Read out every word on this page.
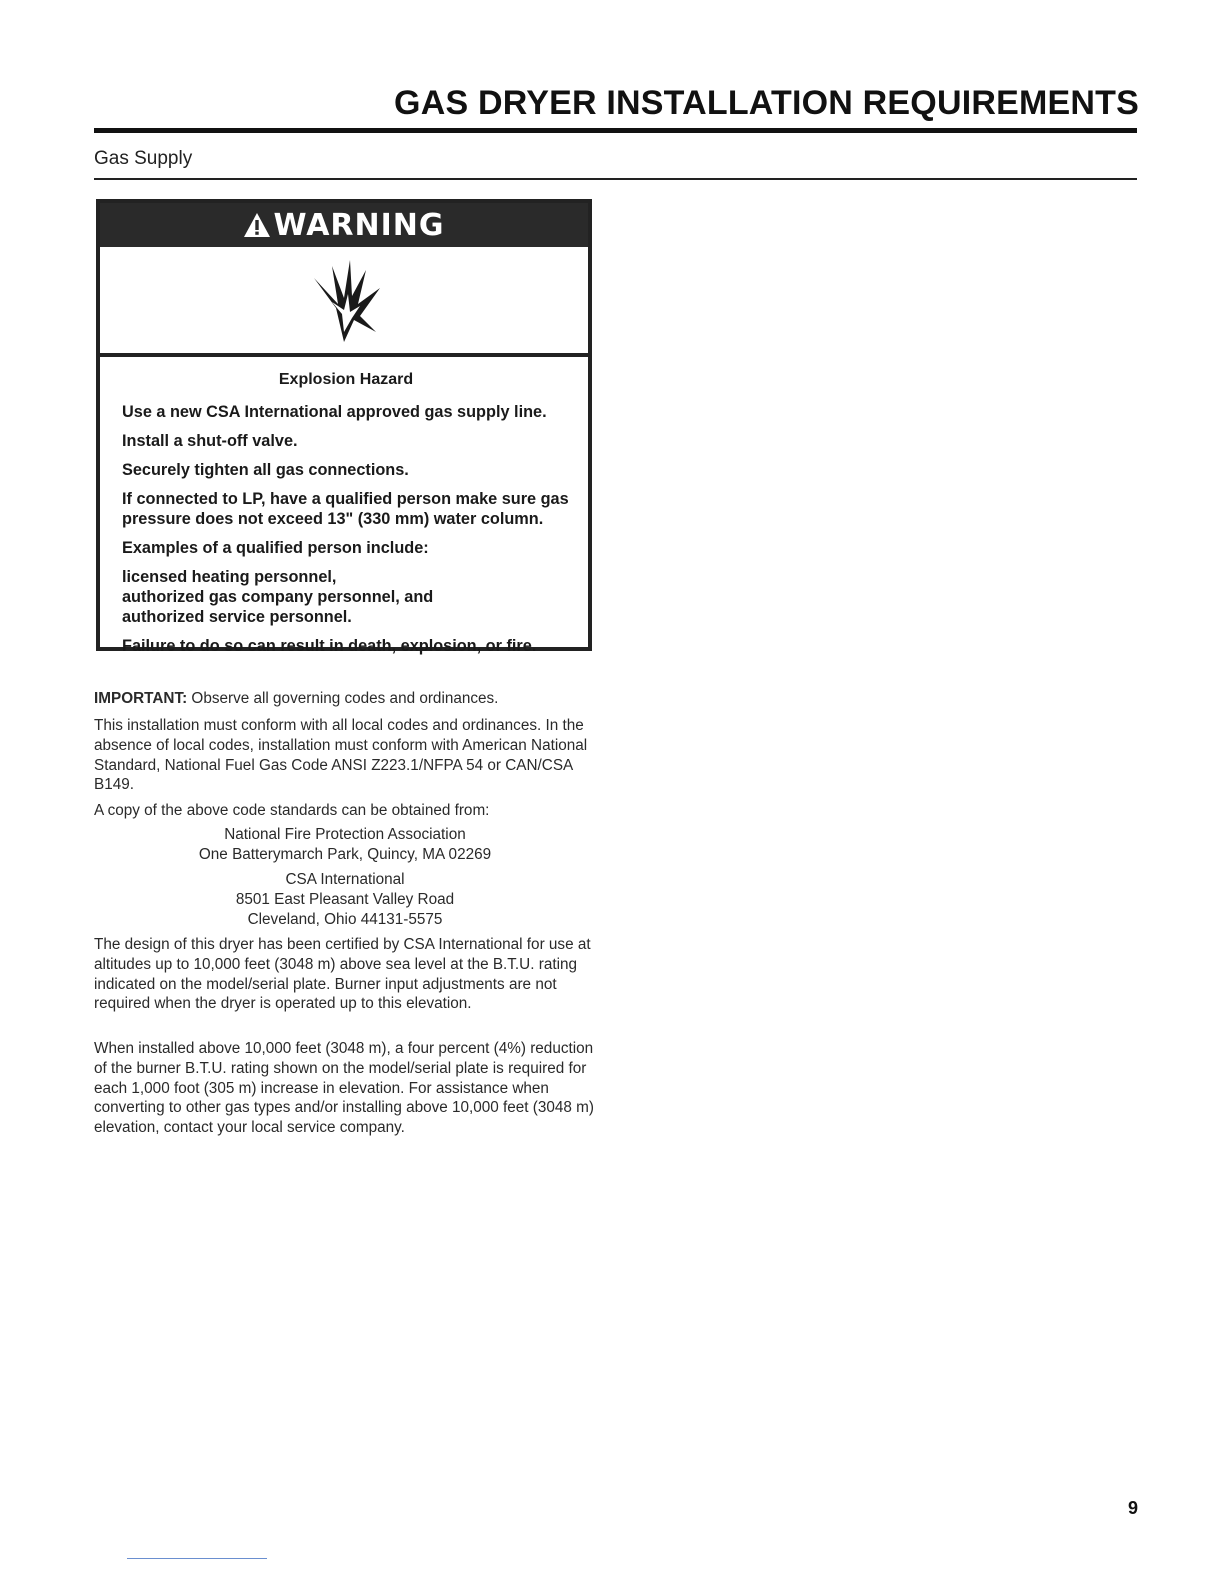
GAS DRYER INSTALLATION REQUIREMENTS
Gas Supply
WARNING

Explosion Hazard

Use a new CSA International approved gas supply line.

Install a shut-off valve.

Securely tighten all gas connections.

If connected to LP, have a qualified person make sure gas pressure does not exceed 13" (330 mm) water column.

Examples of a qualified person include:

licensed heating personnel,
authorized gas company personnel, and
authorized service personnel.

Failure to do so can result in death, explosion, or fire.

IMPORTANT: Observe all governing codes and ordinances.

This installation must conform with all local codes and ordinances. In the absence of local codes, installation must conform with American National Standard, National Fuel Gas Code ANSI Z223.1/NFPA 54 or CAN/CSA B149.

A copy of the above code standards can be obtained from:

National Fire Protection Association
One Batterymarch Park, Quincy, MA 02269
CSA International
8501 East Pleasant Valley Road
Cleveland, Ohio 44131-5575

The design of this dryer has been certified by CSA International for use at altitudes up to 10,000 feet (3048 m) above sea level at the B.T.U. rating indicated on the model/serial plate. Burner input adjustments are not required when the dryer is operated up to this elevation.

When installed above 10,000 feet (3048 m), a four percent (4%) reduction of the burner B.T.U. rating shown on the model/serial plate is required for each 1,000 foot (305 m) increase in elevation. For assistance when converting to other gas types and/or installing above 10,000 feet (3048 m) elevation, contact your local service company.

9
